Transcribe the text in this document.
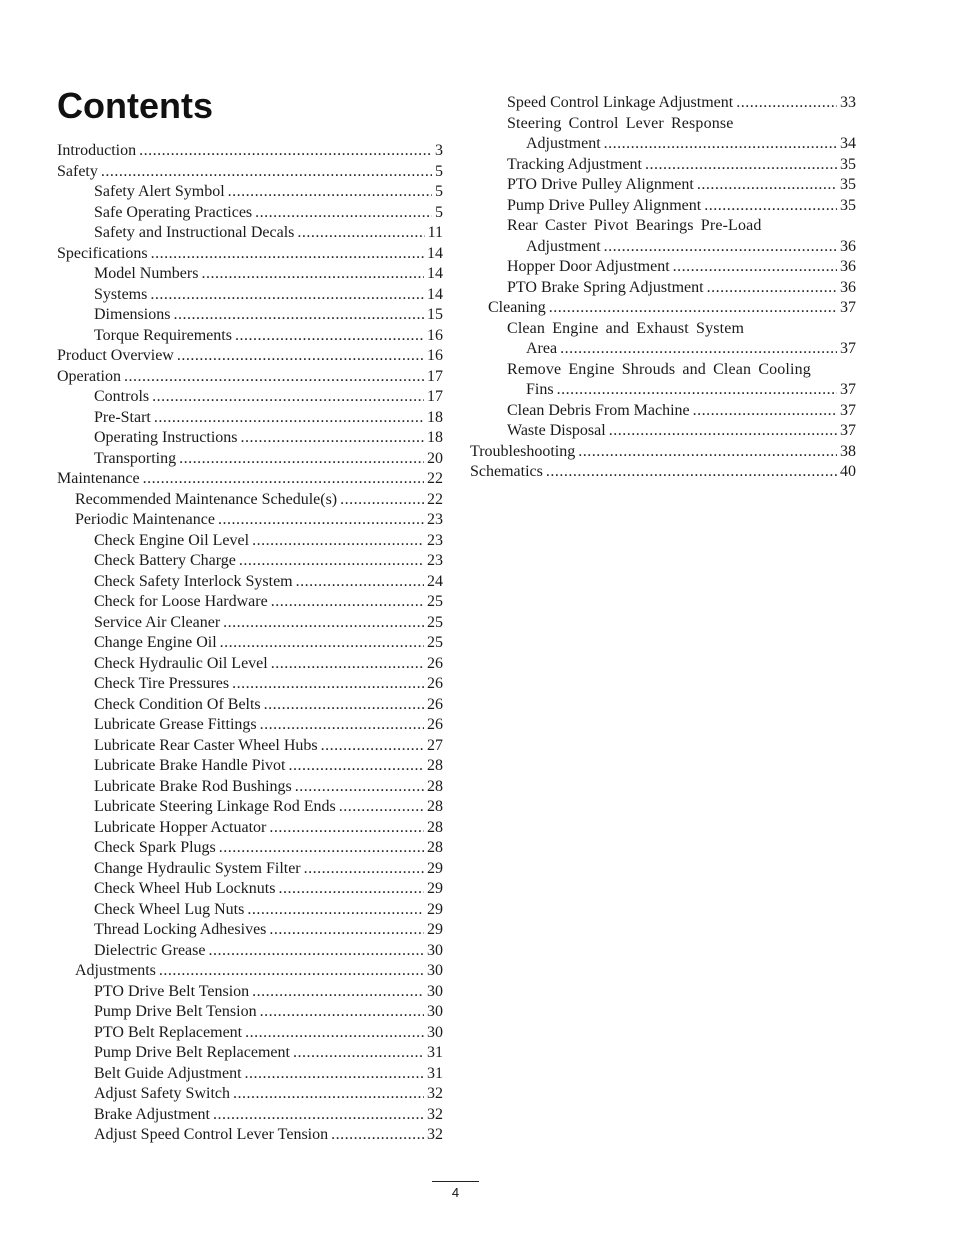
Contents
Introduction .....	3
Safety .....	5
Safety Alert Symbol .....	5
Safe Operating Practices .....	5
Safety and Instructional Decals .....	11
Specifications .....	14
Model Numbers .....	14
Systems .....	14
Dimensions .....	15
Torque Requirements .....	16
Product Overview .....	16
Operation .....	17
Controls .....	17
Pre-Start .....	18
Operating Instructions .....	18
Transporting .....	20
Maintenance .....	22
Recommended Maintenance Schedule(s) .....	22
Periodic Maintenance .....	23
Check Engine Oil Level .....	23
Check Battery Charge .....	23
Check Safety Interlock System .....	24
Check for Loose Hardware .....	25
Service Air Cleaner .....	25
Change Engine Oil .....	25
Check Hydraulic Oil Level .....	26
Check Tire Pressures .....	26
Check Condition Of Belts .....	26
Lubricate Grease Fittings .....	26
Lubricate Rear Caster Wheel Hubs .....	27
Lubricate Brake Handle Pivot .....	28
Lubricate Brake Rod Bushings .....	28
Lubricate Steering Linkage Rod Ends .....	28
Lubricate Hopper Actuator .....	28
Check Spark Plugs .....	28
Change Hydraulic System Filter .....	29
Check Wheel Hub Locknuts .....	29
Check Wheel Lug Nuts .....	29
Thread Locking Adhesives .....	29
Dielectric Grease .....	30
Adjustments .....	30
PTO Drive Belt Tension .....	30
Pump Drive Belt Tension .....	30
PTO Belt Replacement .....	30
Pump Drive Belt Replacement .....	31
Belt Guide Adjustment .....	31
Adjust Safety Switch .....	32
Brake Adjustment .....	32
Adjust Speed Control Lever Tension .....	32
Speed Control Linkage Adjustment .....	33
Steering Control Lever Response
Adjustment .....	34
Tracking Adjustment .....	35
PTO Drive Pulley Alignment .....	35
Pump Drive Pulley Alignment .....	35
Rear Caster Pivot Bearings Pre-Load
Adjustment .....	36
Hopper Door Adjustment .....	36
PTO Brake Spring Adjustment .....	36
Cleaning .....	37
Clean Engine and Exhaust System
Area .....	37
Remove Engine Shrouds and Clean Cooling
Fins .....	37
Clean Debris From Machine .....	37
Waste Disposal .....	37
Troubleshooting .....	38
Schematics .....	40
4
